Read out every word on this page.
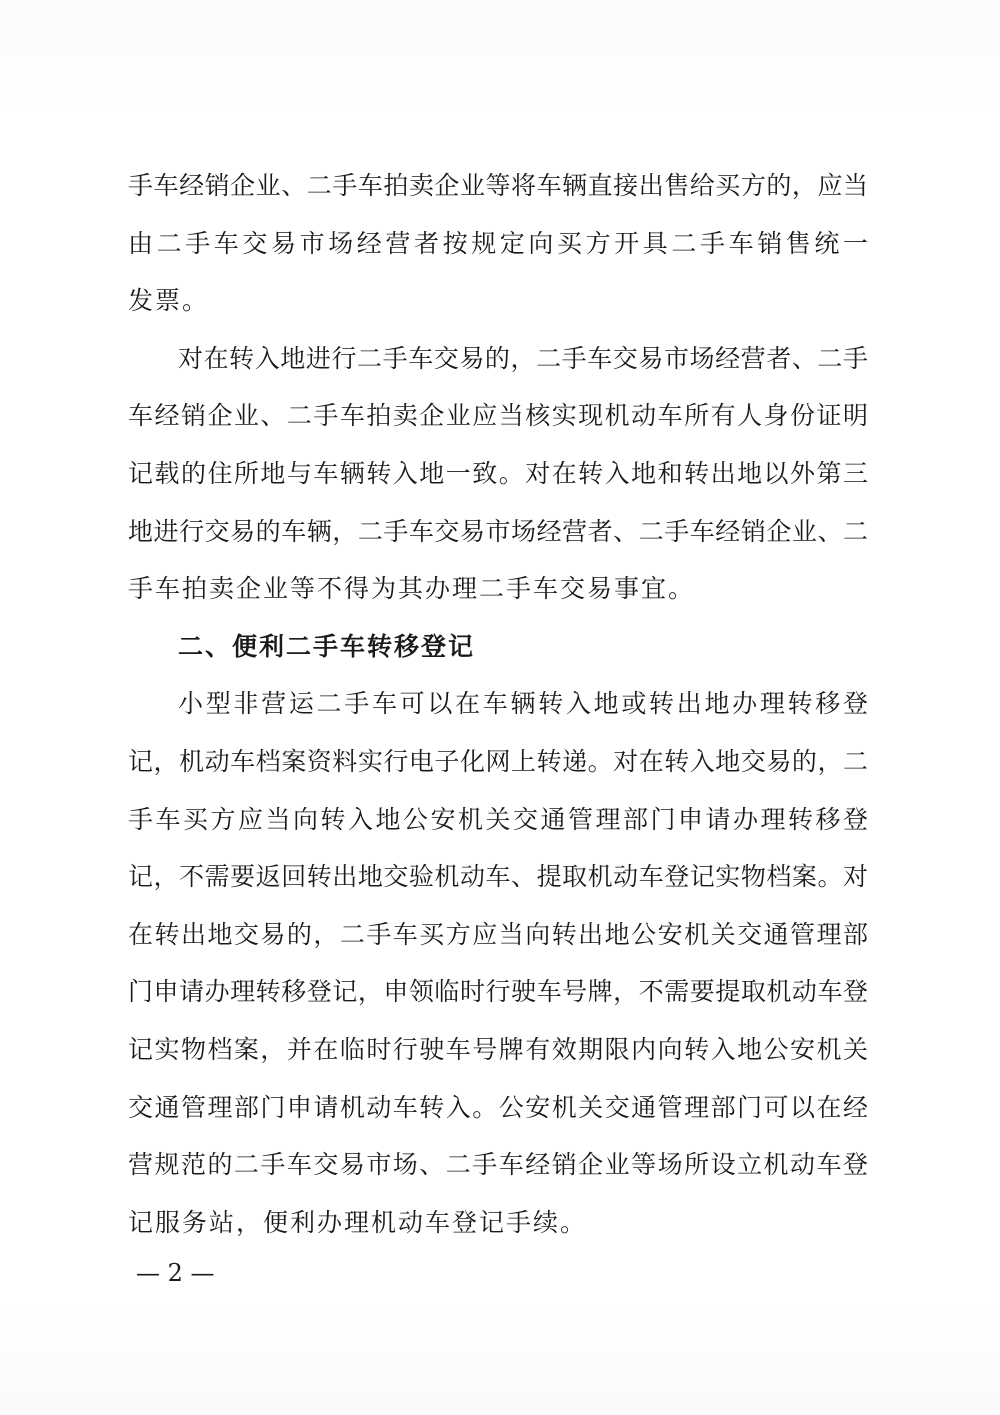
手车经销企业、二手车拍卖企业等将车辆直接出售给买方的，应当
由二手车交易市场经营者按规定向买方开具二手车销售统一
发票。
对在转入地进行二手车交易的，二手车交易市场经营者、二手
车经销企业、二手车拍卖企业应当核实现机动车所有人身份证明
记载的住所地与车辆转入地一致。对在转入地和转出地以外第三
地进行交易的车辆，二手车交易市场经营者、二手车经销企业、二
手车拍卖企业等不得为其办理二手车交易事宜。
二、便利二手车转移登记
小型非营运二手车可以在车辆转入地或转出地办理转移登
记，机动车档案资料实行电子化网上转递。对在转入地交易的，二
手车买方应当向转入地公安机关交通管理部门申请办理转移登
记，不需要返回转出地交验机动车、提取机动车登记实物档案。对
在转出地交易的，二手车买方应当向转出地公安机关交通管理部
门申请办理转移登记，申领临时行驶车号牌，不需要提取机动车登
记实物档案，并在临时行驶车号牌有效期限内向转入地公安机关
交通管理部门申请机动车转入。公安机关交通管理部门可以在经
营规范的二手车交易市场、二手车经销企业等场所设立机动车登
记服务站，便利办理机动车登记手续。
— 2 —
